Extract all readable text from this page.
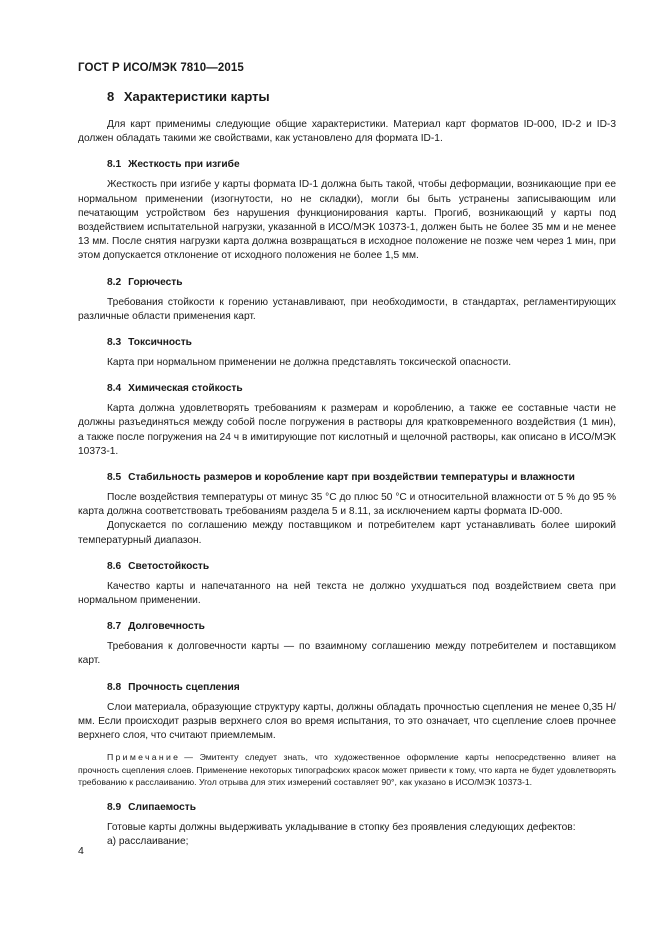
ГОСТ Р ИСО/МЭК 7810—2015
8 Характеристики карты

Для карт применимы следующие общие характеристики. Материал карт форматов ID-000, ID-2 и ID-3 должен обладать такими же свойствами, как установлено для формата ID-1.

8.1 Жесткость при изгибе

Жесткость при изгибе у карты формата ID-1 должна быть такой, чтобы деформации, возникающие при ее нормальном применении (изогнутости, но не складки), могли бы быть устранены записывающим или печатающим устройством без нарушения функционирования карты. Прогиб, возникающий у карты под воздействием испытательной нагрузки, указанной в ИСО/МЭК 10373-1, должен быть не более 35 мм и не менее 13 мм. После снятия нагрузки карта должна возвращаться в исходное положение не позже чем через 1 мин, при этом допускается отклонение от исходного положения не более 1,5 мм.

8.2 Горючесть

Требования стойкости к горению устанавливают, при необходимости, в стандартах, регламентирующих различные области применения карт.

8.3 Токсичность

Карта при нормальном применении не должна представлять токсической опасности.

8.4 Химическая стойкость

Карта должна удовлетворять требованиям к размерам и короблению, а также ее составные части не должны разъединяться между собой после погружения в растворы для кратковременного воздействия (1 мин), а также после погружения на 24 ч в имитирующие пот кислотный и щелочной растворы, как описано в ИСО/МЭК 10373-1.

8.5 Стабильность размеров и коробление карт при воздействии температуры и влажности

После воздействия температуры от минус 35 °С до плюс 50 °С и относительной влажности от 5 % до 95 % карта должна соответствовать требованиям раздела 5 и 8.11, за исключением карты формата ID-000.

Допускается по соглашению между поставщиком и потребителем карт устанавливать более широкий температурный диапазон.

8.6 Светостойкость

Качество карты и напечатанного на ней текста не должно ухудшаться под воздействием света при нормальном применении.

8.7 Долговечность

Требования к долговечности карты — по взаимному соглашению между потребителем и поставщиком карт.

8.8 Прочность сцепления

Слои материала, образующие структуру карты, должны обладать прочностью сцепления не менее 0,35 Н/мм. Если происходит разрыв верхнего слоя во время испытания, то это означает, что сцепление слоев прочнее верхнего слоя, что считают приемлемым.

Примечание — Эмитенту следует знать, что художественное оформление карты непосредственно влияет на прочность сцепления слоев. Применение некоторых типографских красок может привести к тому, что карта не будет удовлетворять требованию к расслаиванию. Угол отрыва для этих измерений составляет 90°, как указано в ИСО/МЭК 10373-1.

8.9 Слипаемость

Готовые карты должны выдерживать укладывание в стопку без проявления следующих дефектов:

а) расслаивание;

4
